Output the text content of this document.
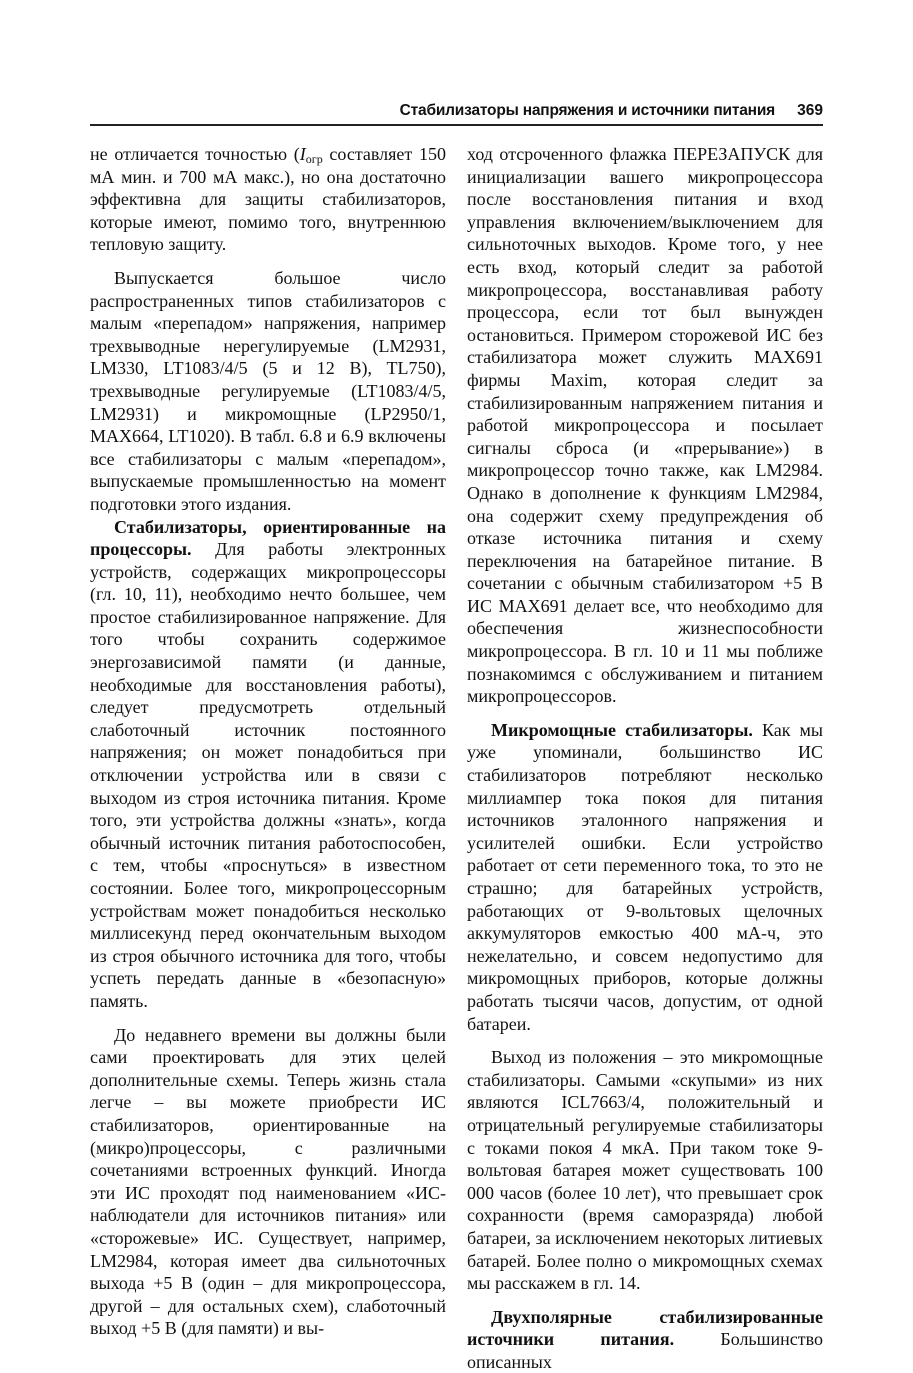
Стабилизаторы напряжения и источники питания 369

не отличается точностью ($I_{огр}$ составляет 150 мА мин. и 700 мА макс.), но она достаточно эффективна для защиты стабилизаторов, которые имеют, помимо того, внутреннюю тепловую защиту.

Выпускается большое число распространенных типов стабилизаторов с малым «перепадом» напряжения, например трехвыводные нерегулируемые (LM2931, LM330, LT1083/4/5 (5 и 12 В), TL750), трехвыводные регулируемые (LT1083/4/5, LM2931) и микромощные (LP2950/1, MAX664, LT1020). В табл. 6.8 и 6.9 включены все стабилизаторы с малым «перепадом», выпускаемые промышленностью на момент подготовки этого издания.

Стабилизаторы, ориентированные на процессоры. Для работы электронных устройств, содержащих микропроцессоры (гл. 10, 11), необходимо нечто большее, чем простое стабилизированное напряжение. Для того чтобы сохранить содержимое энергозависимой памяти (и данные, необходимые для восстановления работы), следует предусмотреть отдельный слаботочный источник постоянного напряжения; он может понадобиться при отключении устройства или в связи с выходом из строя источника питания. Кроме того, эти устройства должны «знать», когда обычный источник питания работоспособен, с тем, чтобы «проснуться» в известном состоянии. Более того, микропроцессорным устройствам может понадобиться несколько миллисекунд перед окончательным выходом из строя обычного источника для того, чтобы успеть передать данные в «безопасную» память.

До недавнего времени вы должны были сами проектировать для этих целей дополнительные схемы. Теперь жизнь стала легче – вы можете приобрести ИС стабилизаторов, ориентированные на (микро)процессоры, с различными сочетаниями встроенных функций. Иногда эти ИС проходят под наименованием «ИС-наблюдатели для источников питания» или «сторожевые» ИС. Существует, например, LM2984, которая имеет два сильноточных выхода +5 В (один – для микропроцессора, другой – для остальных схем), слаботочный выход +5 В (для памяти) и вы-

ход отсроченного флажка ПЕРЕЗАПУСК для инициализации вашего микропроцессора после восстановления питания и вход управления включением/выключением для сильноточных выходов. Кроме того, у нее есть вход, который следит за работой микропроцессора, восстанавливая работу процессора, если тот был вынужден остановиться. Примером сторожевой ИС без стабилизатора может служить MAX691 фирмы Maxim, которая следит за стабилизированным напряжением питания и работой микропроцессора и посылает сигналы сброса (и «прерывание») в микропроцессор точно также, как LM2984. Однако в дополнение к функциям LM2984, она содержит схему предупреждения об отказе источника питания и схему переключения на батарейное питание. В сочетании с обычным стабилизатором +5 В ИС MAX691 делает все, что необходимо для обеспечения жизнеспособности микропроцессора. В гл. 10 и 11 мы поближе познакомимся с обслуживанием и питанием микропроцессоров.

Микромощные стабилизаторы. Как мы уже упоминали, большинство ИС стабилизаторов потребляют несколько миллиампер тока покоя для питания источников эталонного напряжения и усилителей ошибки. Если устройство работает от сети переменного тока, то это не страшно; для батарейных устройств, работающих от 9-вольтовых щелочных аккумуляторов емкостью 400 мА-ч, это нежелательно, и совсем недопустимо для микромощных приборов, которые должны работать тысячи часов, допустим, от одной батареи.

Выход из положения – это микромощные стабилизаторы. Самыми «скупыми» из них являются ICL7663/4, положительный и отрицательный регулируемые стабилизаторы с токами покоя 4 мкА. При таком токе 9-вольтовая батарея может существовать 100 000 часов (более 10 лет), что превышает срок сохранности (время саморазряда) любой батареи, за исключением некоторых литиевых батарей. Более полно о микромощных схемах мы расскажем в гл. 14.

Двухполярные стабилизированные источники питания. Большинство описанных
